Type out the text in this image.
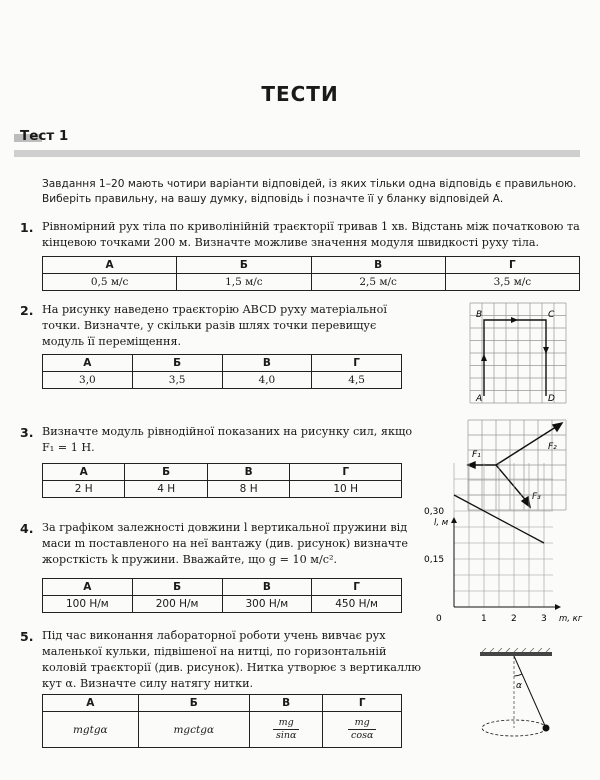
ТЕСТИ
Тест 1
Завдання 1–20 мають чотири варіанти відповідей, із яких тільки одна відповідь є правильною. Виберіть правильну, на вашу думку, відповідь і позначте її у бланку відповідей А.
1. Рівномірний рух тіла по криволінійній траєкторії тривав 1 хв. Відстань між початковою та кінцевою точками 200 м. Визначте можливе значення модуля швидкості руху тіла.
А	Б	В	Г
0,5 м/с	1,5 м/с	2,5 м/с	3,5 м/с
2. На рисунку наведено траєкторію ABCD руху матеріальної точки. Визначте, у скільки разів шлях точки перевищує модуль її переміщення.
А	Б	В	Г
3,0	3,5	4,0	4,5
A
B	C
D
3. Визначте модуль рівнодійної показаних на рисунку сил, якщо F₁ = 1 Н.
А	Б	В	Г
2 Н	4 Н	8 Н	10 Н
F₁
F₂
F₃
4. За графіком залежності довжини l вертикальної пружини від маси m поставленого на неї вантажу (див. рисунок) визначте жорсткість k пружини. Вважайте, що g = 10 м/с².
А	Б	В	Г
100 Н/м	200 Н/м	300 Н/м	450 Н/м
l, м
m, кг
0	1	2	3
0,15
0,30
5. Під час виконання лабораторної роботи учень вивчає рух маленької кульки, підвішеної на нитці, по горизонтальній коловій траєкторії (див. рисунок). Нитка утворює з вертикаллю кут α. Визначте силу натягу нитки.
А	Б	В	Г
mgtgα	mgctgα	$\frac{mg}{\sin\alpha}$	$\frac{mg}{\cos\alpha}$
α
